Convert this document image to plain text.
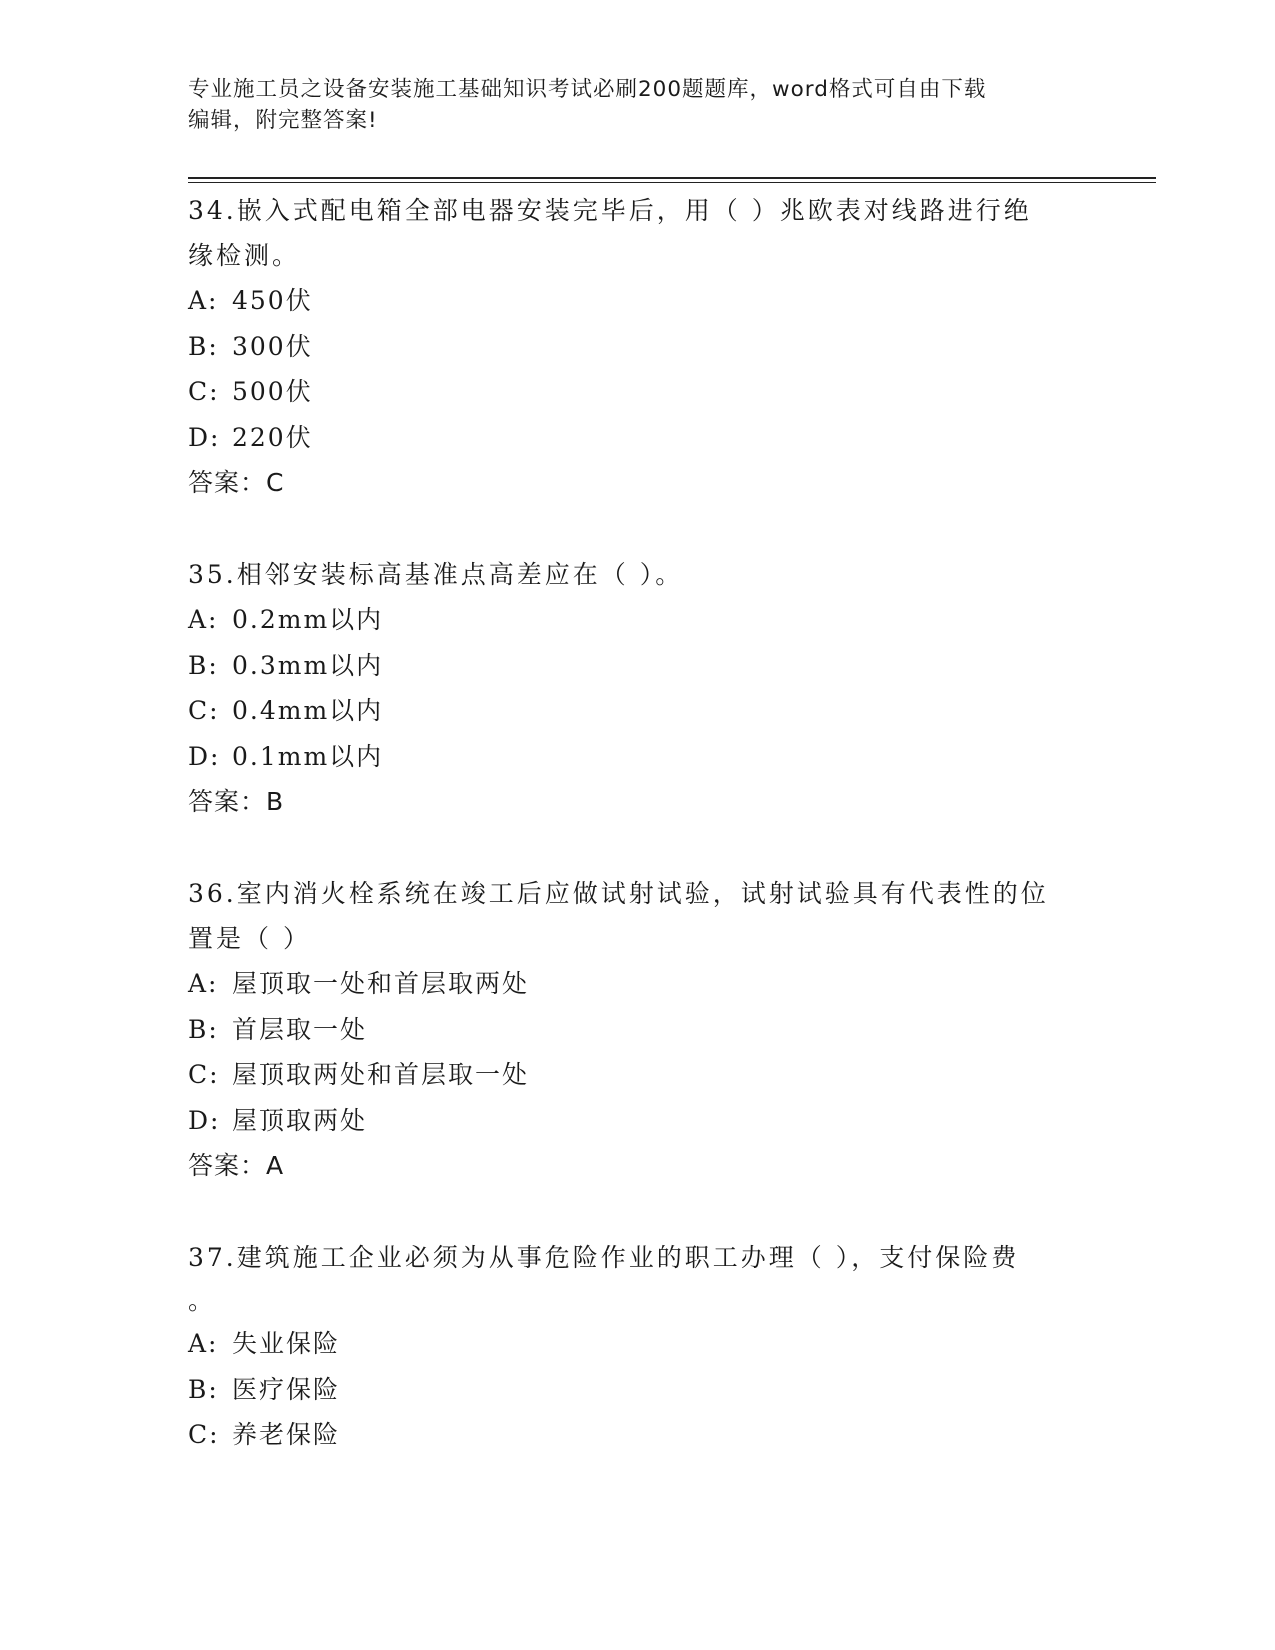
专业施工员之设备安装施工基础知识考试必刷200题题库，word格式可自由下载
编辑，附完整答案!

34.嵌入式配电箱全部电器安装完毕后，用（ ）兆欧表对线路进行绝

缘检测。

A: 450伏

B: 300伏

C: 500伏

D: 220伏

答案：C

35.相邻安装标高基准点高差应在（ ）。

A: 0.2mm以内

B: 0.3mm以内

C: 0.4mm以内

D: 0.1mm以内

答案：B

36.室内消火栓系统在竣工后应做试射试验，试射试验具有代表性的位

置是（ ）

A: 屋顶取一处和首层取两处

B: 首层取一处

C: 屋顶取两处和首层取一处

D: 屋顶取两处

答案：A

37.建筑施工企业必须为从事危险作业的职工办理（ ），支付保险费

。

A: 失业保险

B: 医疗保险

C: 养老保险
